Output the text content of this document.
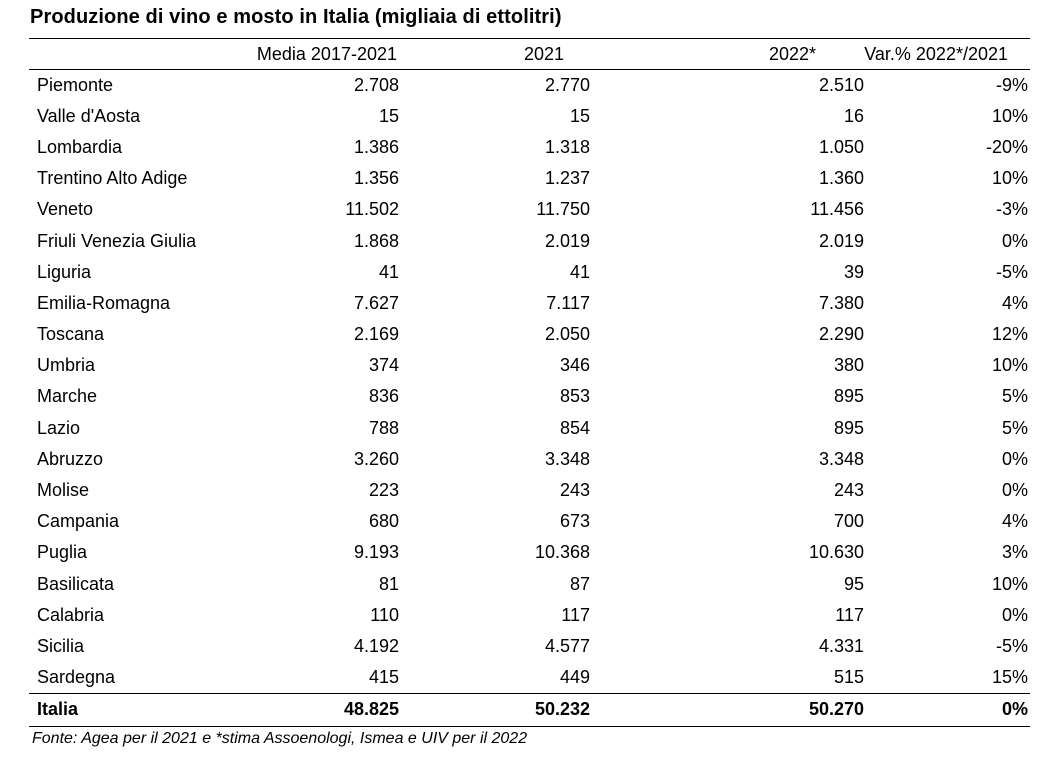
Produzione di vino e mosto in Italia (migliaia di ettolitri)
	Media 2017-2021	2021	2022*	Var.% 2022*/2021
Piemonte	2.708	2.770	2.510	-9%
Valle d'Aosta	15	15	16	10%
Lombardia	1.386	1.318	1.050	-20%
Trentino Alto Adige	1.356	1.237	1.360	10%
Veneto	11.502	11.750	11.456	-3%
Friuli Venezia Giulia	1.868	2.019	2.019	0%
Liguria	41	41	39	-5%
Emilia-Romagna	7.627	7.117	7.380	4%
Toscana	2.169	2.050	2.290	12%
Umbria	374	346	380	10%
Marche	836	853	895	5%
Lazio	788	854	895	5%
Abruzzo	3.260	3.348	3.348	0%
Molise	223	243	243	0%
Campania	680	673	700	4%
Puglia	9.193	10.368	10.630	3%
Basilicata	81	87	95	10%
Calabria	110	117	117	0%
Sicilia	4.192	4.577	4.331	-5%
Sardegna	415	449	515	15%
Italia	48.825	50.232	50.270	0%
Fonte: Agea per il 2021 e *stima Assoenologi, Ismea e UIV per il 2022
